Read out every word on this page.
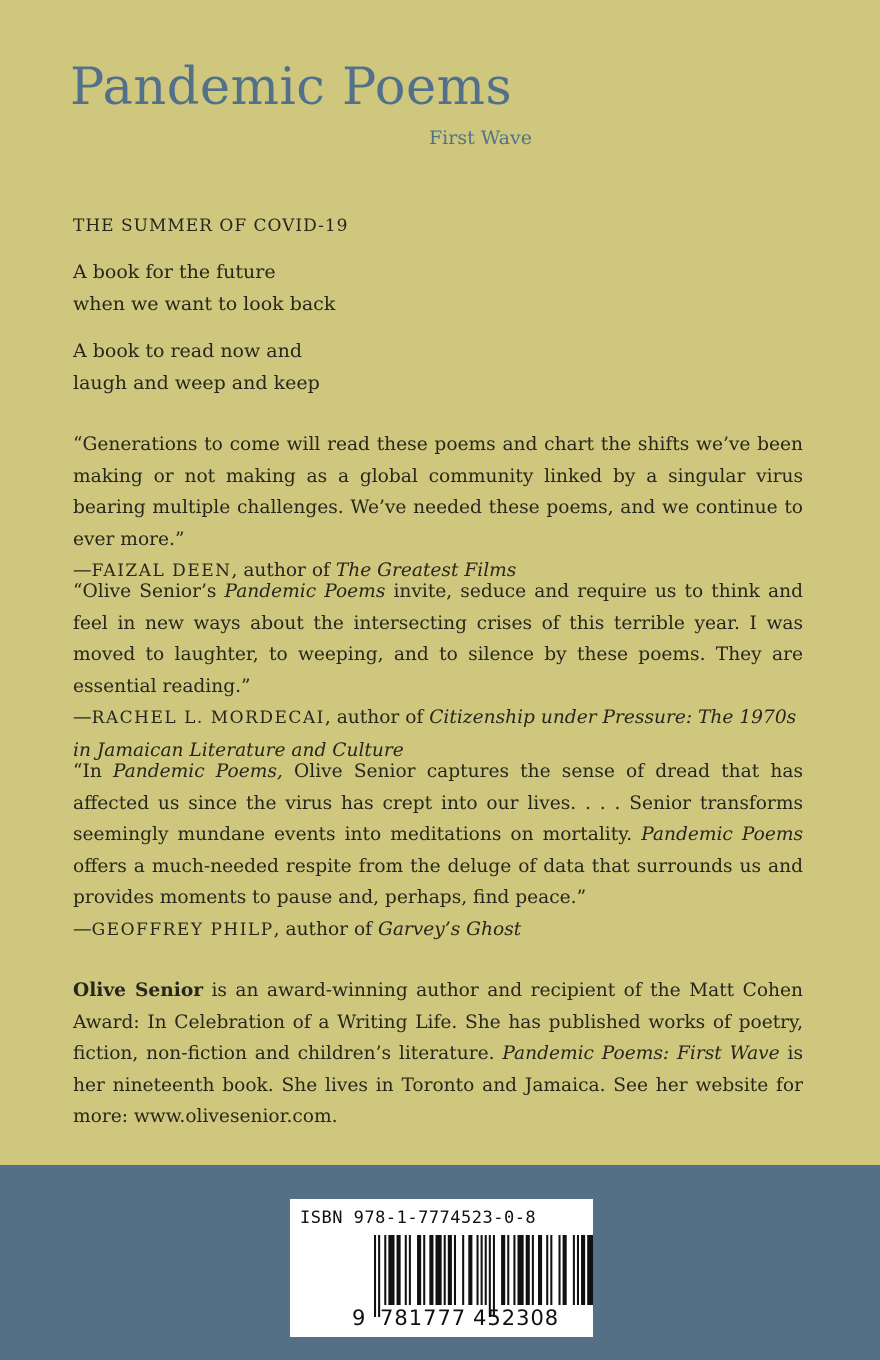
Pandemic Poems
First Wave
THE SUMMER OF COVID-19
A book for the future
when we want to look back
A book to read now and
laugh and weep and keep

“Generations to come will read these poems and chart the shifts we’ve been making or not making as a global community linked by a singular virus bearing multiple challenges. We’ve needed these poems, and we continue to ever more.”

—FAIZAL DEEN, author of The Greatest Films

“Olive Senior’s Pandemic Poems invite, seduce and require us to think and feel in new ways about the intersecting crises of this terrible year. I was moved to laughter, to weeping, and to silence by these poems. They are essential reading.”

—RACHEL L. MORDECAI, author of Citizenship under Pressure: The 1970s in Jamaican Literature and Culture

“In Pandemic Poems, Olive Senior captures the sense of dread that has affected us since the virus has crept into our lives. . . . Senior transforms seemingly mundane events into meditations on mortality. Pandemic Poems offers a much-needed respite from the deluge of data that surrounds us and provides moments to pause and, perhaps, find peace.”

—GEOFFREY PHILP, author of Garvey’s Ghost
Olive Senior is an award-winning author and recipient of the Matt Cohen Award: In Celebration of a Writing Life. She has published works of poetry, fiction, non-fiction and children’s literature. Pandemic Poems: First Wave is her nineteenth book. She lives in Toronto and Jamaica. See her website for more: www.olivesenior.com.
ISBN 978-1-7774523-0-8
9 781777 452308
